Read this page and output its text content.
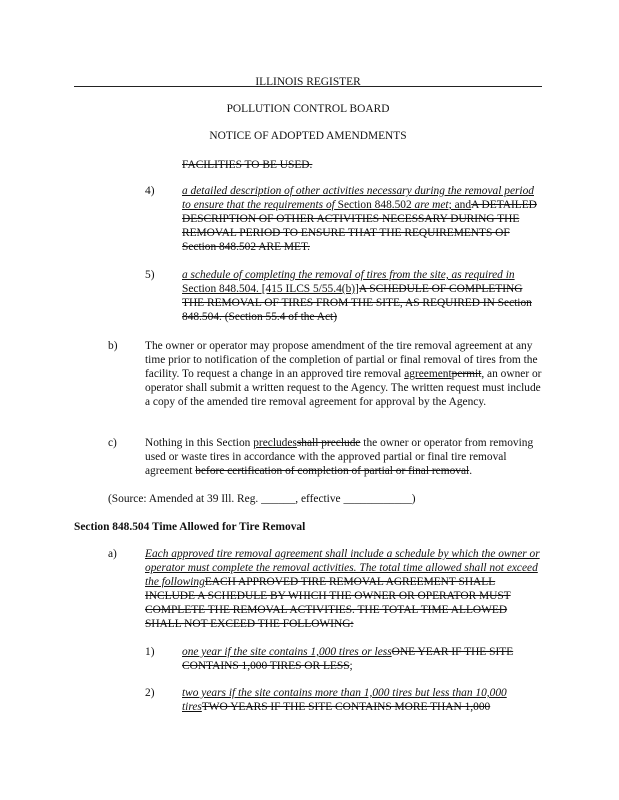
ILLINOIS REGISTER
POLLUTION CONTROL BOARD
NOTICE OF ADOPTED AMENDMENTS
FACILITIES TO BE USED.
4) a detailed description of other activities necessary during the removal period to ensure that the requirements of Section 848.502 are met; andA DETAILED DESCRIPTION OF OTHER ACTIVITIES NECESSARY DURING THE REMOVAL PERIOD TO ENSURE THAT THE REQUIREMENTS OF Section 848.502 ARE MET.
5) a schedule of completing the removal of tires from the site, as required in Section 848.504. [415 ILCS 5/55.4(b)]A SCHEDULE OF COMPLETING THE REMOVAL OF TIRES FROM THE SITE, AS REQUIRED IN Section 848.504. (Section 55.4 of the Act)
b) The owner or operator may propose amendment of the tire removal agreement at any time prior to notification of the completion of partial or final removal of tires from the facility. To request a change in an approved tire removal agreementpermit, an owner or operator shall submit a written request to the Agency. The written request must include a copy of the amended tire removal agreement for approval by the Agency.
c) Nothing in this Section precludesshall preclude the owner or operator from removing used or waste tires in accordance with the approved partial or final tire removal agreement before certification of completion of partial or final removal.
(Source: Amended at 39 Ill. Reg. ______, effective ____________)
Section 848.504 Time Allowed for Tire Removal
a) Each approved tire removal agreement shall include a schedule by which the owner or operator must complete the removal activities. The total time allowed shall not exceed the followingEACH APPROVED TIRE REMOVAL AGREEMENT SHALL INCLUDE A SCHEDULE BY WHICH THE OWNER OR OPERATOR MUST COMPLETE THE REMOVAL ACTIVITIES. THE TOTAL TIME ALLOWED SHALL NOT EXCEED THE FOLLOWING:
1) one year if the site contains 1,000 tires or lessONE YEAR IF THE SITE CONTAINS 1,000 TIRES OR LESS;
2) two years if the site contains more than 1,000 tires but less than 10,000 tiresTWO YEARS IF THE SITE CONTAINS MORE THAN 1,000
